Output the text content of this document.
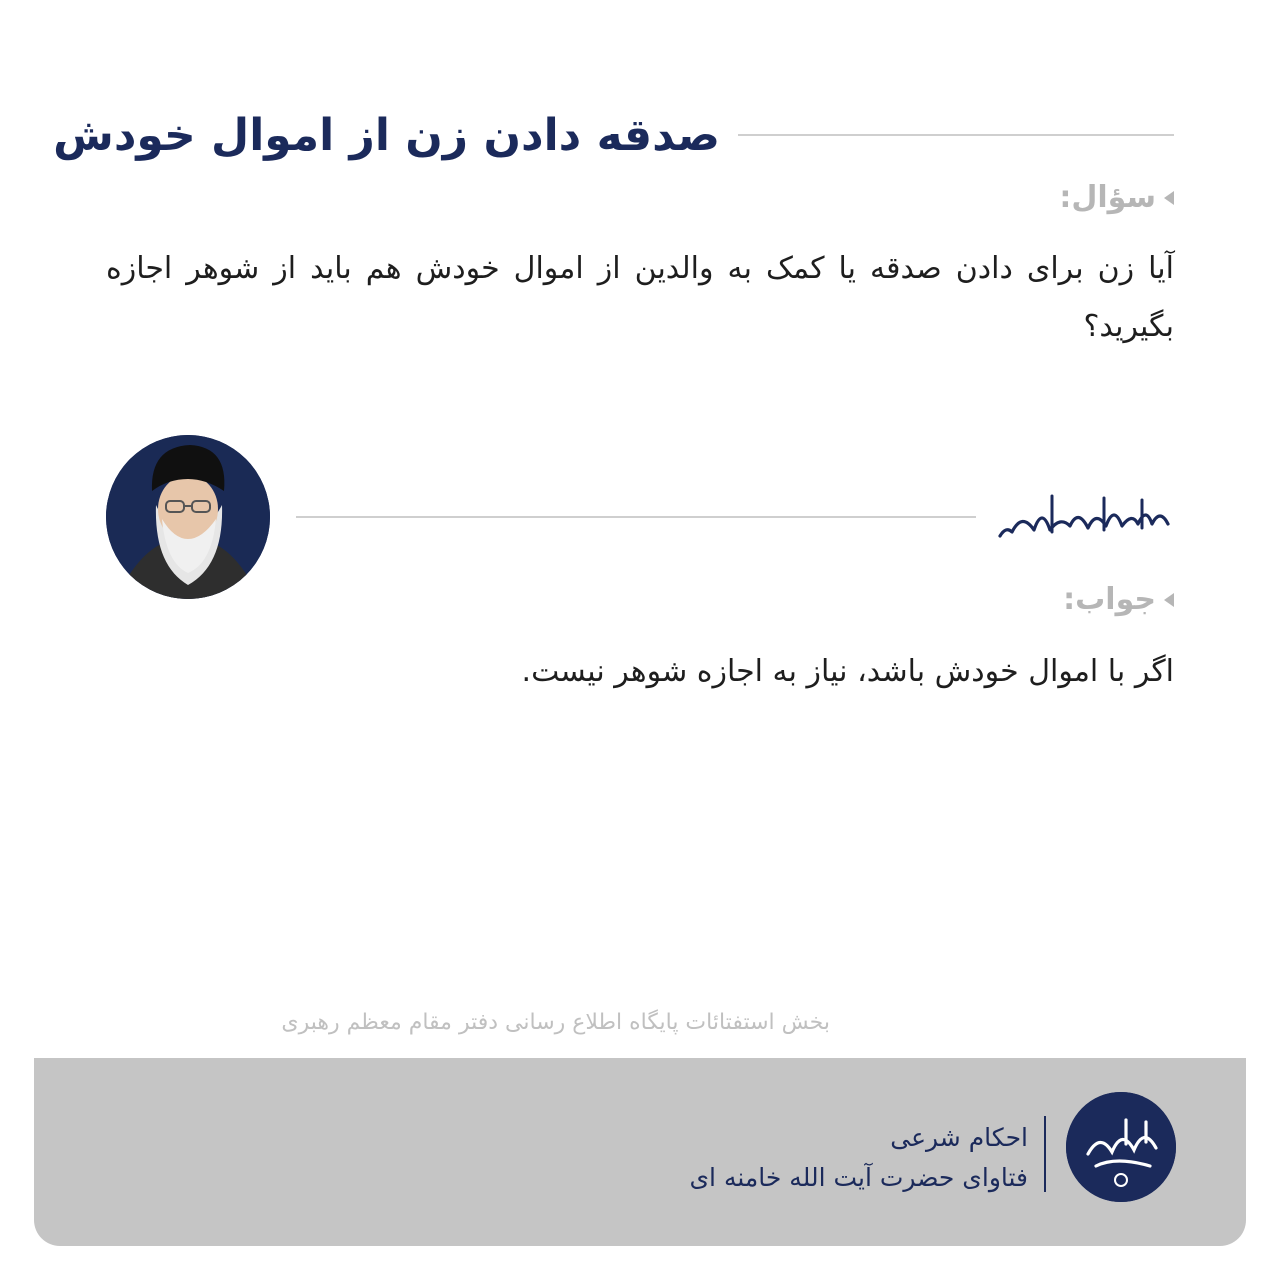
صدقه دادن زن از اموال خودش
سؤال:
آیا زن برای دادن صدقه یا کمک به والدین از اموال خودش هم باید از شوهر اجازه بگیرید؟
جواب:
اگر با اموال خودش باشد، نیاز به اجازه شوهر نیست.
بخش استفتائات پایگاه اطلاع رسانی دفتر مقام معظم رهبری
احکام شرعی
فتاوای حضرت آیت الله خامنه ای
